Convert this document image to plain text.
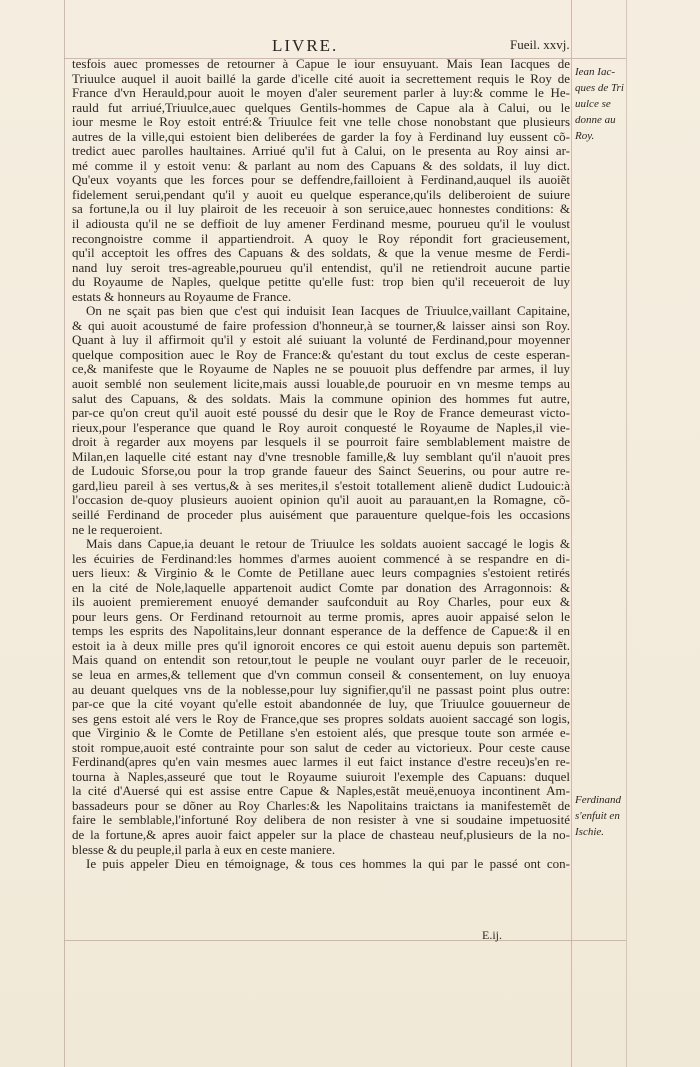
LIVRE.	Fueil. xxvj.
tesfois auec promesses de retourner à Capue le iour ensuyuant. Mais Iean Iacques de
Triuulce auquel il auoit baillé la garde d'icelle cité auoit ia secrettement requis le Roy de
France d'vn Herauld,pour auoit le moyen d'aler seurement parler à luy:& comme le He-
rauld fut arriué,Triuulce,auec quelques Gentils-hommes de Capue ala à Calui, ou le
iour mesme le Roy estoit entré:& Triuulce feit vne telle chose nonobstant que plusieurs
autres de la ville,qui estoient bien deliberées de garder la foy à Ferdinand luy eussent cõ-
tredict auec parolles haultaines. Arriué qu'il fut à Calui, on le presenta au Roy ainsi ar-
mé comme il y estoit venu: & parlant au nom des Capuans & des soldats, il luy dict.
Qu'eux voyants que les forces pour se deffendre,failloient à Ferdinand,auquel ils auoiẽt
fidelement serui,pendant qu'il y auoit eu quelque esperance,qu'ils deliberoient de suiure
sa fortune,la ou il luy plairoit de les receuoir à son seruice,auec honnestes conditions: &
il adiousta qu'il ne se deffioit de luy amener Ferdinand mesme, pourueu qu'il le voulust
recongnoistre comme il appartiendroit. A quoy le Roy répondit fort gracieusement,
qu'il acceptoit les offres des Capuans & des soldats, & que la venue mesme de Ferdi-
nand luy seroit tres-agreable,pourueu qu'il entendist, qu'il ne retiendroit aucune partie
du Royaume de Naples, quelque petitte qu'elle fust: trop bien qu'il receueroit de luy
estats & honneurs au Royaume de France.
On ne sçait pas bien que c'est qui induisit Iean Iacques de Triuulce,vaillant Capitaine,
& qui auoit acoustumé de faire profession d'honneur,à se tourner,& laisser ainsi son Roy.
Quant à luy il affirmoit qu'il y estoit alé suiuant la volunté de Ferdinand,pour moyenner
quelque composition auec le Roy de France:& qu'estant du tout exclus de ceste esperan-
ce,& manifeste que le Royaume de Naples ne se pouuoit plus deffendre par armes, il luy
auoit semblé non seulement licite,mais aussi louable,de pouruoir en vn mesme temps au
salut des Capuans, & des soldats. Mais la commune opinion des hommes fut autre,
par-ce qu'on creut qu'il auoit esté poussé du desir que le Roy de France demeurast victo-
rieux,pour l'esperance que quand le Roy auroit conquesté le Royaume de Naples,il vie-
droit à regarder aux moyens par lesquels il se pourroit faire semblablement maistre de
Milan,en laquelle cité estant nay d'vne tresnoble famille,& luy semblant qu'il n'auoit pres
de Ludouic Sforse,ou pour la trop grande faueur des Sainct Seuerins, ou pour autre re-
gard,lieu pareil à ses vertus,& à ses merites,il s'estoit totallement alienẽ dudict Ludouic:à
l'occasion de-quoy plusieurs auoient opinion qu'il auoit au parauant,en la Romagne, cõ-
seillé Ferdinand de proceder plus auisément que parauenture quelque-fois les occasions
ne le requeroient.
Mais dans Capue,ia deuant le retour de Triuulce les soldats auoient saccagé le logis &
les écuiries de Ferdinand:les hommes d'armes auoient commencé à se respandre en di-
uers lieux: & Virginio & le Comte de Petillane auec leurs compagnies s'estoient retirés
en la cité de Nole,laquelle appartenoit audict Comte par donation des Arragonnois: &
ils auoient premierement enuoyé demander saufconduit au Roy Charles, pour eux &
pour leurs gens. Or Ferdinand retournoit au terme promis, apres auoir appaisé selon le
temps les esprits des Napolitains,leur donnant esperance de la deffence de Capue:& il en
estoit ia à deux mille pres qu'il ignoroit encores ce qui estoit auenu depuis son partemẽt.
Mais quand on entendit son retour,tout le peuple ne voulant ouyr parler de le receuoir,
se leua en armes,& tellement que d'vn commun conseil & consentement, on luy enuoya
au deuant quelques vns de la noblesse,pour luy signifier,qu'il ne passast point plus outre:
par-ce que la cité voyant qu'elle estoit abandonnée de luy, que Triuulce gouuerneur de
ses gens estoit alé vers le Roy de France,que ses propres soldats auoient saccagé son logis,
que Virginio & le Comte de Petillane s'en estoient alés, que presque toute son armée e-
stoit rompue,auoit esté contrainte pour son salut de ceder au victorieux. Pour ceste cause
Ferdinand(apres qu'en vain mesmes auec larmes il eut faict instance d'estre receu)s'en re-
tourna à Naples,asseuré que tout le Royaume suiuroit l'exemple des Capuans: duquel
la cité d'Auersé qui est assise entre Capue & Naples,estãt meuë,enuoya incontinent Am-
bassadeurs pour se dõner au Roy Charles:& les Napolitains traictans ia manifestemẽt de
faire le semblable,l'infortuné Roy delibera de non resister à vne si soudaine impetuosité
de la fortune,& apres auoir faict appeler sur la place de chasteau neuf,plusieurs de la no-
blesse & du peuple,il parla à eux en ceste maniere.
Ie puis appeler Dieu en témoignage, & tous ces hommes la qui par le passé ont con-
Iean Iac-
ques de Tri
uulce se
donne au
Roy.
Ferdinand
s'enfuit en
Ischie.
E.ij.
